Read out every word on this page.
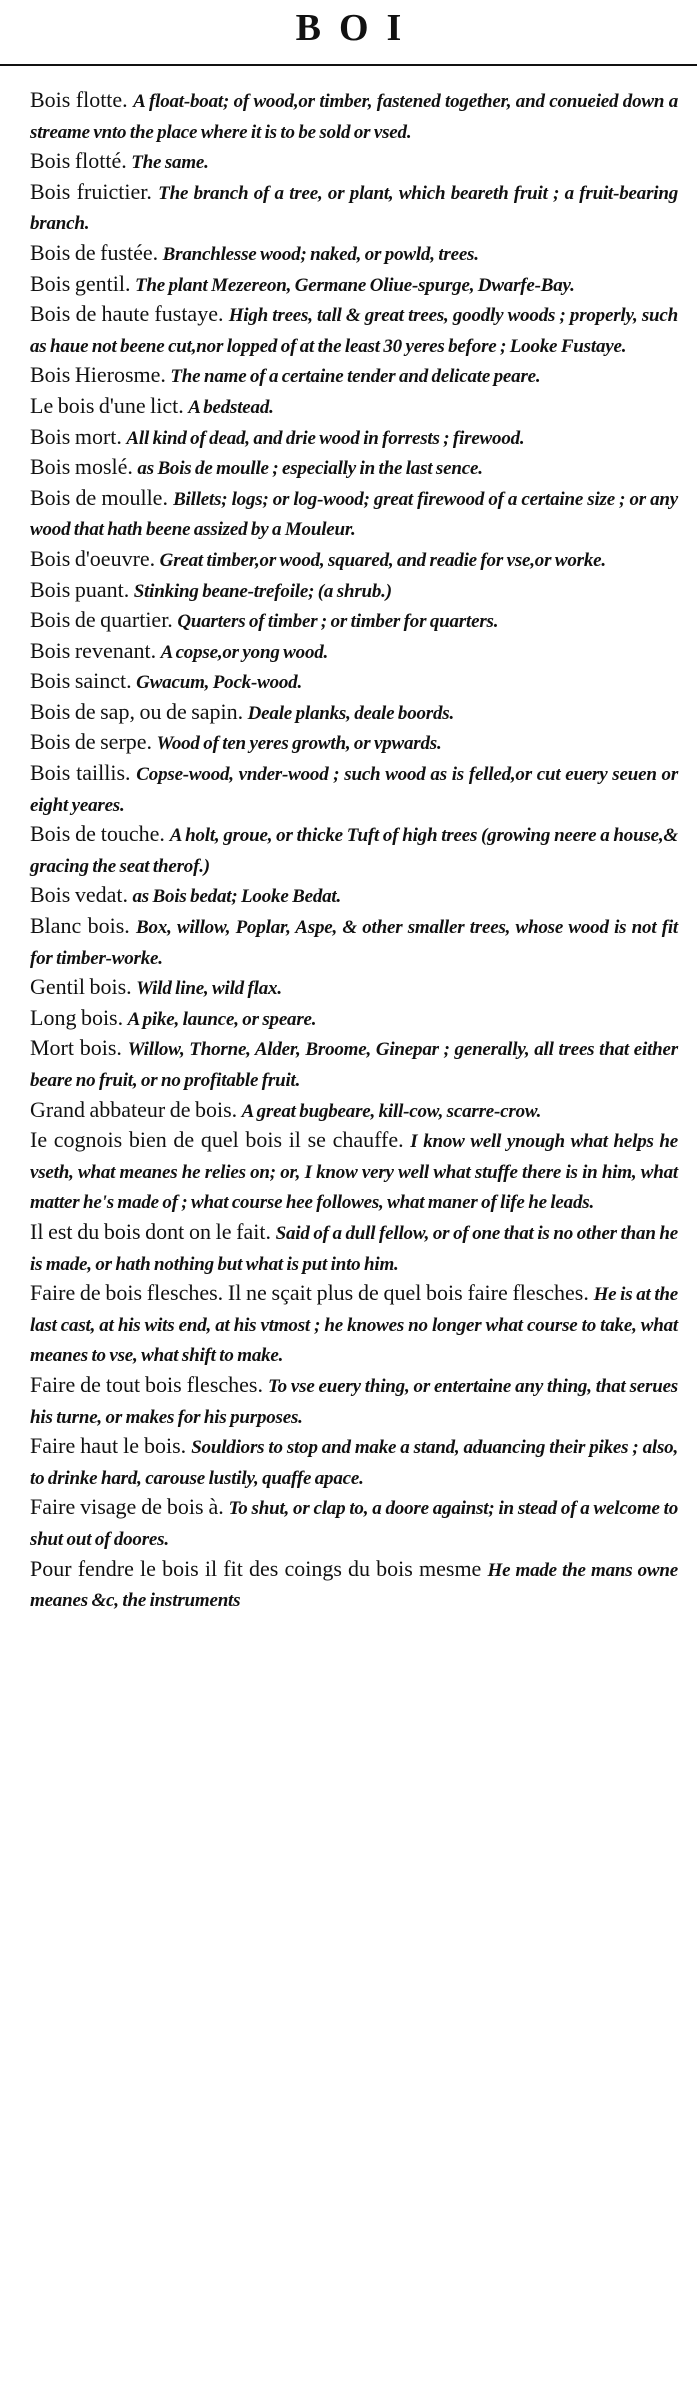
BOI

Bois flotte. A float-boat; of wood,or timber, fastened together, and conueied down a streame vnto the place where it is to be sold or vsed.

Bois flotté. The same.

Bois fruictier. The branch of a tree, or plant, which beareth fruit ; a fruit-bearing branch.

Bois de fustée. Branchlesse wood; naked, or powld, trees.

Bois gentil. The plant Mezereon, Germane Oliue-spurge, Dwarfe-Bay.

Bois de haute fustaye. High trees, tall & great trees, goodly woods ; properly, such as haue not beene cut,nor lopped of at the least 30 yeres before ; Looke Fustaye.

Bois Hierosme. The name of a certaine tender and delicate peare.

Le bois d'une lict. A bedstead.

Bois mort. All kind of dead, and drie wood in forrests ; firewood.

Bois moslé. as Bois de moulle ; especially in the last sence.

Bois de moulle. Billets; logs; or log-wood; great firewood of a certaine size ; or any wood that hath beene assized by a Mouleur.

Bois d'oeuvre. Great timber,or wood, squared, and readie for vse,or worke.

Bois puant. Stinking beane-trefoile; (a shrub.)

Bois de quartier. Quarters of timber ; or timber for quarters.

Bois revenant. A copse,or yong wood.

Bois sainct. Gwacum, Pock-wood.

Bois de sap, ou de sapin. Deale planks, deale boords.

Bois de serpe. Wood of ten yeres growth, or vpwards.

Bois taillis. Copse-wood, vnder-wood ; such wood as is felled,or cut euery seuen or eight yeares.

Bois de touche. A holt, groue, or thicke Tuft of high trees (growing neere a house,& gracing the seat therof.)

Bois vedat. as Bois bedat; Looke Bedat.

Blanc bois. Box, willow, Poplar, Aspe, & other smaller trees, whose wood is not fit for timber-worke.

Gentil bois. Wild line, wild flax.

Long bois. A pike, launce, or speare.

Mort bois. Willow, Thorne, Alder, Broome, Ginepar ; generally, all trees that either beare no fruit, or no profitable fruit.

Grand abbateur de bois. A great bugbeare, kill-cow, scarre-crow.

Ie cognois bien de quel bois il se chauffe. I know well ynough what helps he vseth, what meanes he relies on; or, I know very well what stuffe there is in him, what matter he's made of ; what course hee followes, what maner of life he leads.

Il est du bois dont on le fait. Said of a dull fellow, or of one that is no other than he is made, or hath nothing but what is put into him.

Faire de bois flesches. Il ne sçait plus de quel bois faire flesches. He is at the last cast, at his wits end, at his vtmost ; he knowes no longer what course to take, what meanes to vse, what shift to make.

Faire de tout bois flesches. To vse euery thing, or entertaine any thing, that serues his turne, or makes for his purposes.

Faire haut le bois. Souldiors to stop and make a stand, aduancing their pikes ; also, to drinke hard, carouse lustily, quaffe apace.

Faire visage de bois à. To shut, or clap to, a doore against; in stead of a welcome to shut out of doores.

Pour fendre le bois il fit des coings du bois mesme He made the mans owne meanes &c, the instruments
